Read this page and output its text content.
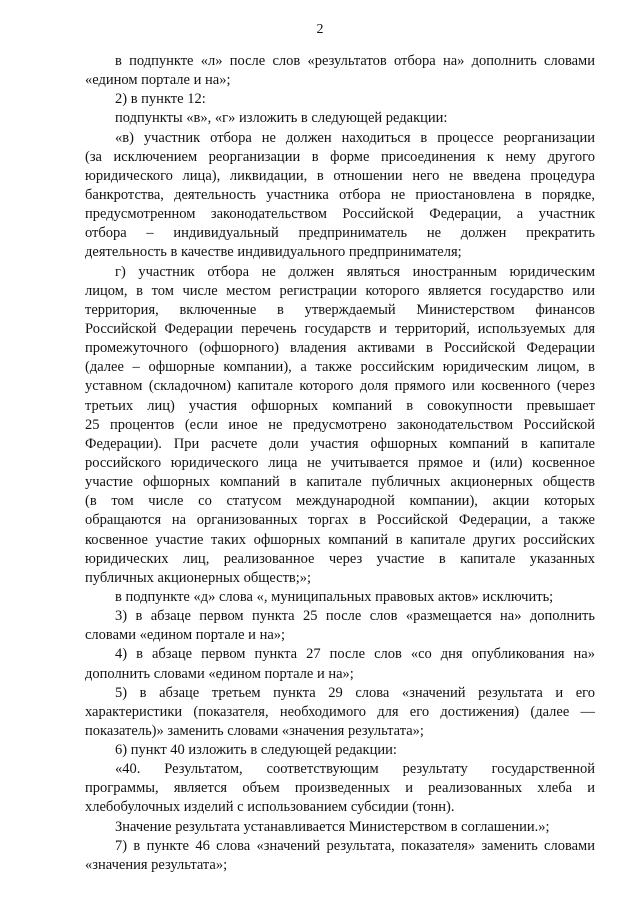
2

в подпункте «л» после слов «результатов отбора на» дополнить словами
«едином портале и на»;

2) в пункте 12:

подпункты «в», «г» изложить в следующей редакции:

«в) участник отбора не должен находиться в процессе реорганизации
(за исключением реорганизации в форме присоединения к нему другого
юридического лица), ликвидации, в отношении него не введена процедура
банкротства, деятельность участника отбора не приостановлена в порядке,
предусмотренном законодательством Российской Федерации, а участник
отбора – индивидуальный предприниматель не должен прекратить
деятельность в качестве индивидуального предпринимателя;

г) участник отбора не должен являться иностранным юридическим
лицом, в том числе местом регистрации которого является государство или
территория, включенные в утверждаемый Министерством финансов
Российской Федерации перечень государств и территорий, используемых для
промежуточного (офшорного) владения активами в Российской Федерации
(далее – офшорные компании), а также российским юридическим лицом, в
уставном (складочном) капитале которого доля прямого или косвенного (через
третьих лиц) участия офшорных компаний в совокупности превышает
25 процентов (если иное не предусмотрено законодательством Российской
Федерации). При расчете доли участия офшорных компаний в капитале
российского юридического лица не учитывается прямое и (или) косвенное
участие офшорных компаний в капитале публичных акционерных обществ
(в том числе со статусом международной компании), акции которых
обращаются на организованных торгах в Российской Федерации, а также
косвенное участие таких офшорных компаний в капитале других российских
юридических лиц, реализованное через участие в капитале указанных
публичных акционерных обществ;»;

в подпункте «д» слова «, муниципальных правовых актов» исключить;

3) в абзаце первом пункта 25 после слов «размещается на» дополнить
словами «едином портале и на»;

4) в абзаце первом пункта 27 после слов «со дня опубликования на»
дополнить словами «едином портале и на»;

5) в абзаце третьем пункта 29 слова «значений результата и его
характеристики (показателя, необходимого для его достижения) (далее —
показатель)» заменить словами «значения результата»;

6) пункт 40 изложить в следующей редакции:

«40. Результатом, соответствующим результату государственной
программы, является объем произведенных и реализованных хлеба и
хлебобулочных изделий с использованием субсидии (тонн).

Значение результата устанавливается Министерством в соглашении.»;

7) в пункте 46 слова «значений результата, показателя» заменить словами
«значения результата»;
